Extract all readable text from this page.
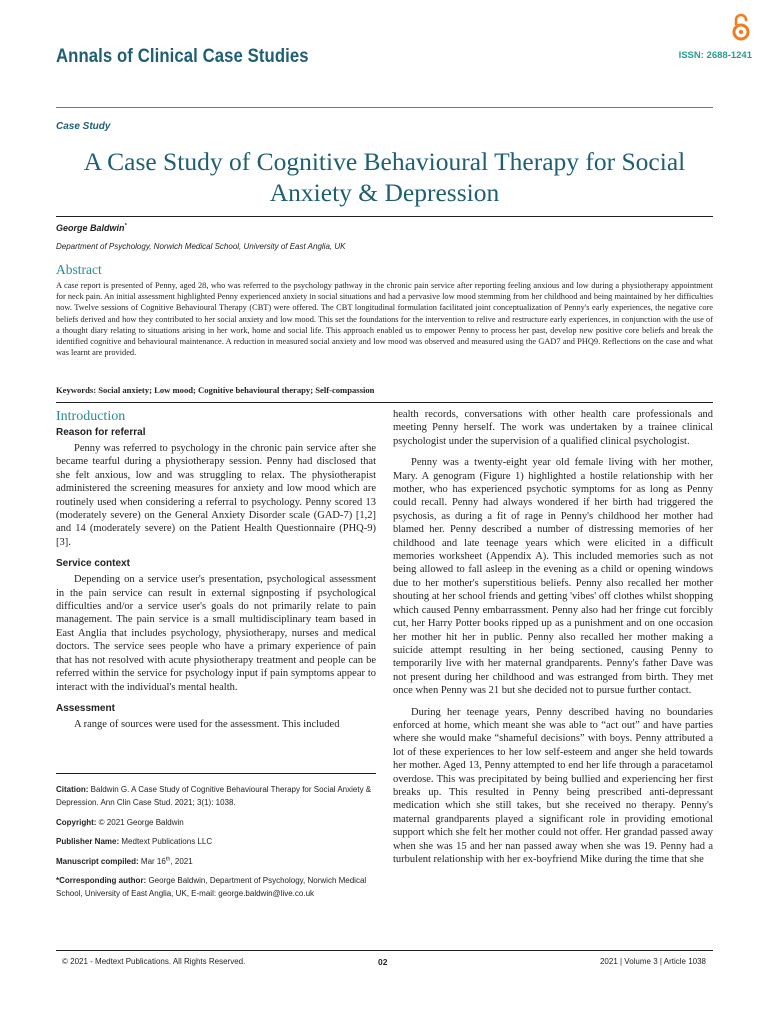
Annals of Clinical Case Studies	ISSN: 2688-1241
Case Study
A Case Study of Cognitive Behavioural Therapy for Social Anxiety & Depression
George Baldwin*
Department of Psychology, Norwich Medical School, University of East Anglia, UK
Abstract

A case report is presented of Penny, aged 28, who was referred to the psychology pathway in the chronic pain service after reporting feeling anxious and low during a physiotherapy appointment for neck pain. An initial assessment highlighted Penny experienced anxiety in social situations and had a pervasive low mood stemming from her childhood and being maintained by her difficulties now. Twelve sessions of Cognitive Behavioural Therapy (CBT) were offered. The CBT longitudinal formulation facilitated joint conceptualization of Penny's early experiences, the negative core beliefs derived and how they contributed to her social anxiety and low mood. This set the foundations for the intervention to relive and restructure early experiences, in conjunction with the use of a thought diary relating to situations arising in her work, home and social life. This approach enabled us to empower Penny to process her past, develop new positive core beliefs and break the identified cognitive and behavioural maintenance. A reduction in measured social anxiety and low mood was observed and measured using the GAD7 and PHQ9. Reflections on the case and what was learnt are provided.

Keywords: Social anxiety; Low mood; Cognitive behavioural therapy; Self-compassion
Introduction
Reason for referral

Penny was referred to psychology in the chronic pain service after she became tearful during a physiotherapy session. Penny had disclosed that she felt anxious, low and was struggling to relax. The physiotherapist administered the screening measures for anxiety and low mood which are routinely used when considering a referral to psychology. Penny scored 13 (moderately severe) on the General Anxiety Disorder scale (GAD-7) [1,2] and 14 (moderately severe) on the Patient Health Questionnaire (PHQ-9) [3].

Service context

Depending on a service user's presentation, psychological assessment in the pain service can result in external signposting if psychological difficulties and/or a service user's goals do not primarily relate to pain management. The pain service is a small multidisciplinary team based in East Anglia that includes psychology, physiotherapy, nurses and medical doctors. The service sees people who have a primary experience of pain that has not resolved with acute physiotherapy treatment and people can be referred within the service for psychology input if pain symptoms appear to interact with the individual's mental health.

Assessment

A range of sources were used for the assessment. This included

health records, conversations with other health care professionals and meeting Penny herself. The work was undertaken by a trainee clinical psychologist under the supervision of a qualified clinical psychologist.

Penny was a twenty-eight year old female living with her mother, Mary. A genogram (Figure 1) highlighted a hostile relationship with her mother, who has experienced psychotic symptoms for as long as Penny could recall. Penny had always wondered if her birth had triggered the psychosis, as during a fit of rage in Penny's childhood her mother had blamed her. Penny described a number of distressing memories of her childhood and late teenage years which were elicited in a difficult memories worksheet (Appendix A). This included memories such as not being allowed to fall asleep in the evening as a child or opening windows due to her mother's superstitious beliefs. Penny also recalled her mother shouting at her school friends and getting 'vibes' off clothes whilst shopping which caused Penny embarrassment. Penny also had her fringe cut forcibly cut, her Harry Potter books ripped up as a punishment and on one occasion her mother hit her in public. Penny also recalled her mother making a suicide attempt resulting in her being sectioned, causing Penny to temporarily live with her maternal grandparents. Penny's father Dave was not present during her childhood and was estranged from birth. They met once when Penny was 21 but she decided not to pursue further contact.

During her teenage years, Penny described having no boundaries enforced at home, which meant she was able to “act out” and have parties where she would make “shameful decisions” with boys. Penny attributed a lot of these experiences to her low self-esteem and anger she held towards her mother. Aged 13, Penny attempted to end her life through a paracetamol overdose. This was precipitated by being bullied and experiencing her first breaks up. This resulted in Penny being prescribed anti-depressant medication which she still takes, but she received no therapy. Penny's maternal grandparents played a significant role in providing emotional support which she felt her mother could not offer. Her grandad passed away when she was 15 and her nan passed away when she was 19. Penny had a turbulent relationship with her ex-boyfriend Mike during the time that she

Citation: Baldwin G. A Case Study of Cognitive Behavioural Therapy for Social Anxiety & Depression. Ann Clin Case Stud. 2021; 3(1): 1038.
Copyright: © 2021 George Baldwin
Publisher Name: Medtext Publications LLC
Manuscript compiled: Mar 16th, 2021
*Corresponding author: George Baldwin, Department of Psychology, Norwich Medical School, University of East Anglia, UK, E-mail: george.baldwin@live.co.uk
© 2021 - Medtext Publications. All Rights Reserved.	02	2021 | Volume 3 | Article 1038
